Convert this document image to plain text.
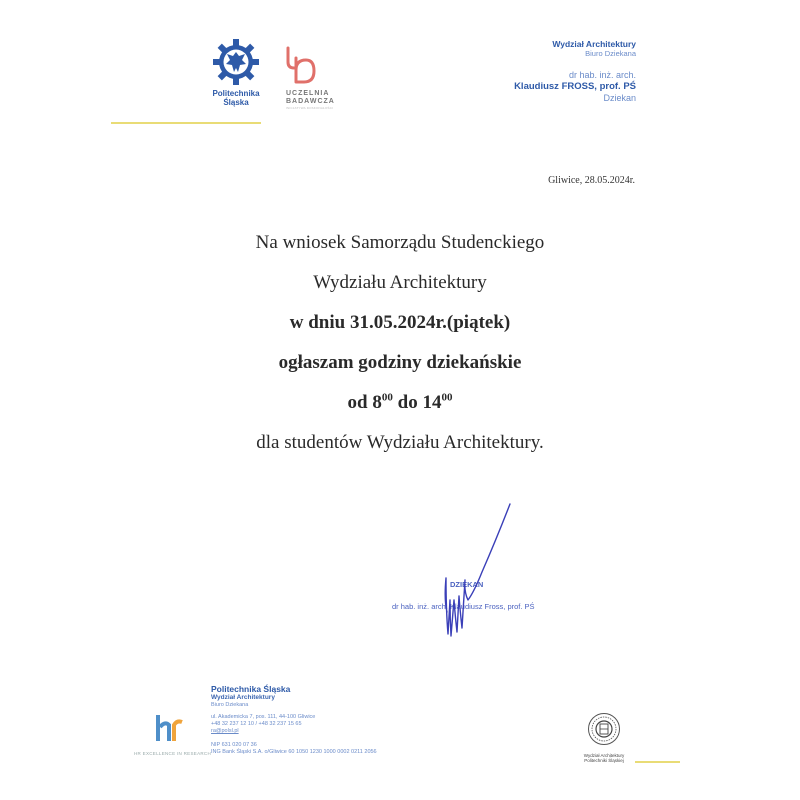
Politechnika
Śląska
UCZELNIA
BADAWCZA
INICJATYWA DOSKONAŁOŚCI
Wydział Architektury
Biuro Dziekana
dr hab. inż. arch.
Klaudiusz FROSS, prof. PŚ
Dziekan
Gliwice, 28.05.2024r.
Na wniosek Samorządu Studenckiego
Wydziału Architektury
w dniu 31.05.2024r.(piątek)
ogłaszam godziny dziekańskie
od $8^{00}$ do $14^{00}$
dla studentów Wydziału Architektury.
DZIEKAN
dr hab. inż. arch. Klaudiusz Fross, prof. PŚ
HR EXCELLENCE IN RESEARCH
Politechnika Śląska
Wydział Architektury
Biuro Dziekana
ul. Akademicka 7, pos. 111, 44-100 Gliwice
+48 32 237 12 10 / +48 32 237 15 65
ra@polsl.pl
NIP 631 020 07 36
ING Bank Śląski S.A. o/Gliwice 60 1050 1230 1000 0002 0211 2056
Wydział Architektury
Politechniki Śląskiej
